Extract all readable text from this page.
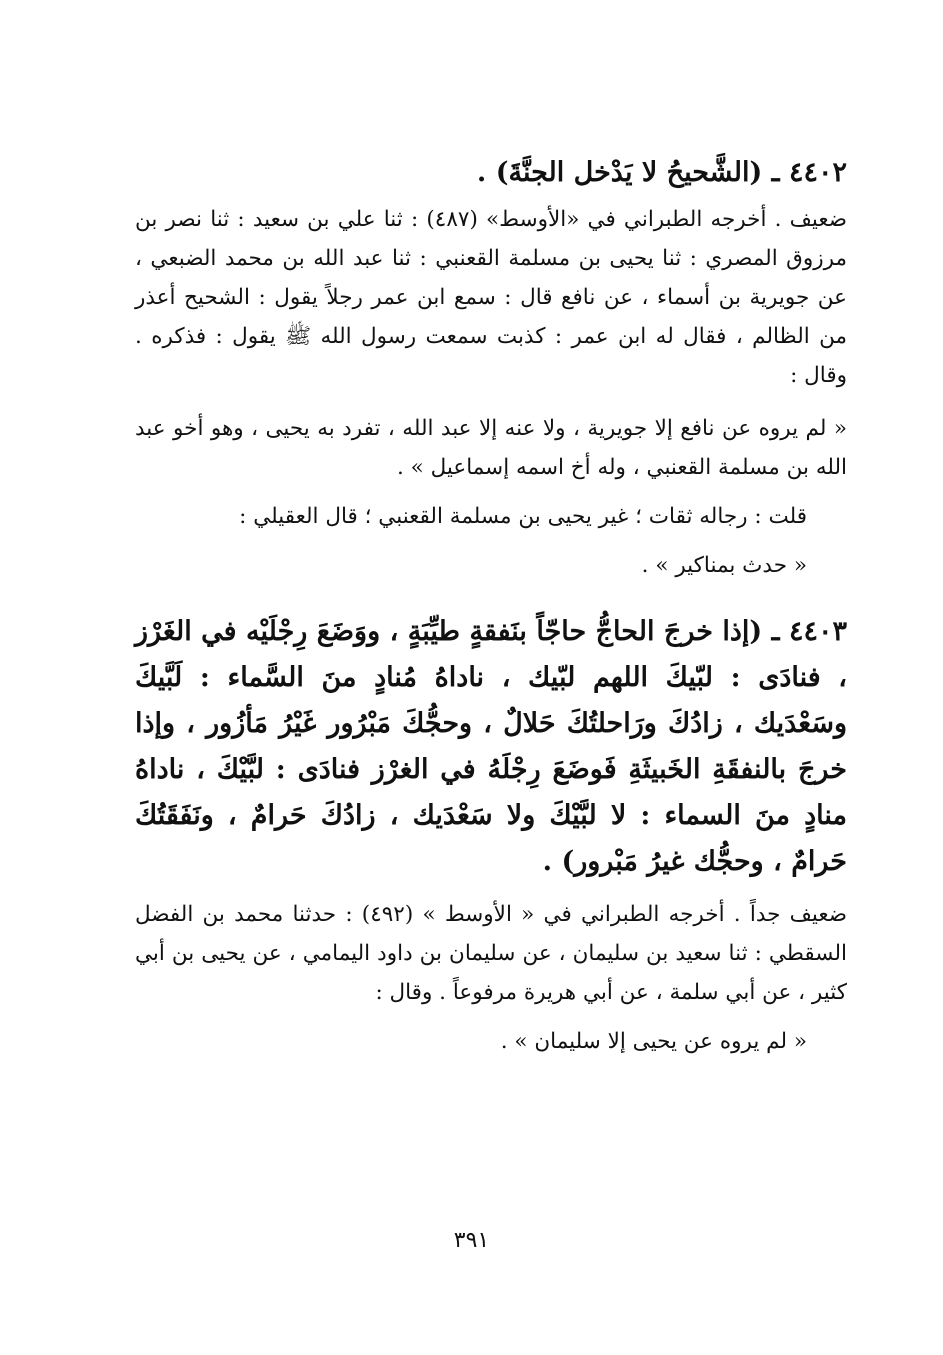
٤٤٠٢ ـ (الشَّحيحُ لا يَدْخل الجنَّةَ) .

ضعيف . أخرجه الطبراني في «الأوسط» (٤٨٧) : ثنا علي بن سعيد : ثنا نصر بن مرزوق المصري : ثنا يحيى بن مسلمة القعنبي : ثنا عبد الله بن محمد الضبعي ، عن جويرية بن أسماء ، عن نافع قال : سمع ابن عمر رجلاً يقول : الشحيح أعذر من الظالم ، فقال له ابن عمر : كذبت سمعت رسول الله ﷺ يقول : فذكره . وقال :

« لم يروه عن نافع إلا جويرية ، ولا عنه إلا عبد الله ، تفرد به يحيى ، وهو أخو عبد الله بن مسلمة القعنبي ، وله أخ اسمه إسماعيل » .

قلت : رجاله ثقات ؛ غير يحيى بن مسلمة القعنبي ؛ قال العقيلي :

« حدث بمناكير » .

٤٤٠٣ ـ (إذا خرجَ الحاجُّ حاجّاً بنَفقةٍ طيِّبَةٍ ، ووَضَعَ رِجْلَيْه في الغَرْز ، فنادَى : لبّيكَ اللهم لبّيك ، ناداهُ مُنادٍ منَ السَّماء : لَبَّيكَ وسَعْدَيك ، زادُكَ ورَاحلتُكَ حَلالٌ ، وحجُّكَ مَبْرُور غَيْرُ مَأزُور ، وإذا خرجَ بالنفقَةِ الخَبيثَةِ فَوضَعَ رِجْلَهُ في الغرْز فنادَى : لبَّيْكَ ، ناداهُ منادٍ منَ السماء : لا لبَّيْكَ ولا سَعْدَيك ، زادُكَ حَرامٌ ، ونَفَقَتُكَ حَرامٌ ، وحجُّك غيرُ مَبْرور) .

ضعيف جداً . أخرجه الطبراني في « الأوسط » (٤٩٢) : حدثنا محمد بن الفضل السقطي : ثنا سعيد بن سليمان ، عن سليمان بن داود اليمامي ، عن يحيى بن أبي كثير ، عن أبي سلمة ، عن أبي هريرة مرفوعاً . وقال :

« لم يروه عن يحيى إلا سليمان » .

٣٩١
